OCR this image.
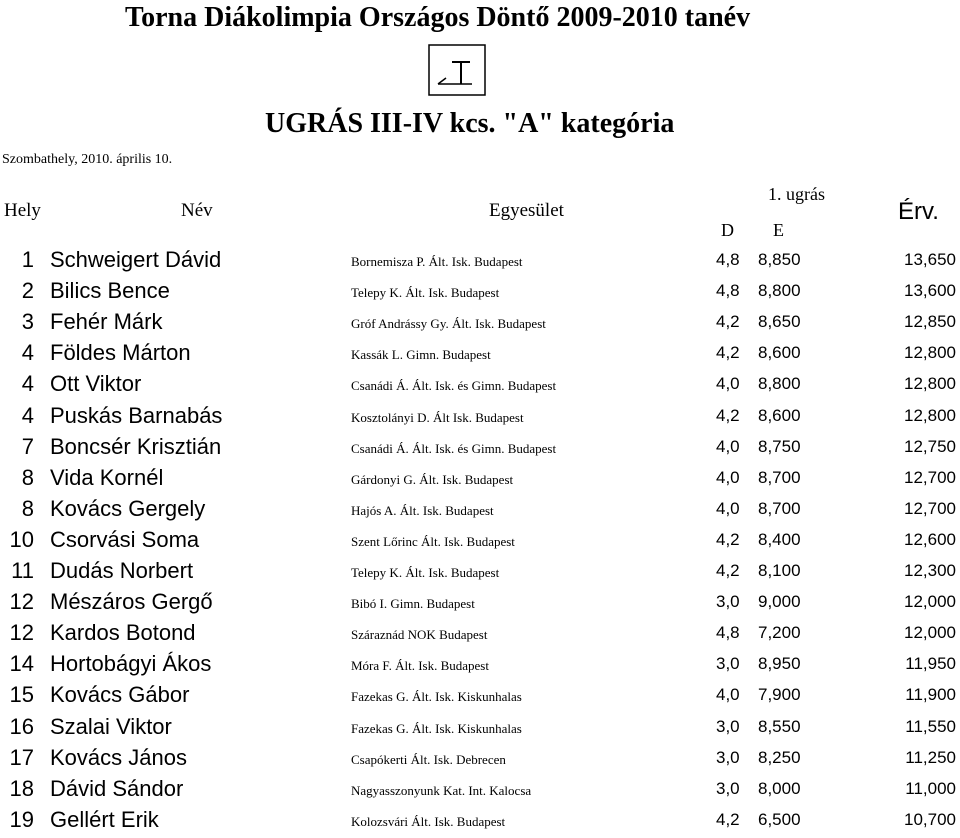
Torna Diákolimpia Országos Döntő 2009-2010 tanév
UGRÁS III-IV kcs. "A" kategória
Szombathely, 2010. április 10.
Hely	Név	Egyesület
1. ugrás
Érv.
D E
1 Schweigert Dávid	Bornemisza P. Ált. Isk. Budapest	4,8 8,850	13,650
2 Bilics Bence	Telepy K. Ált. Isk. Budapest	4,8 8,800	13,600
3 Fehér Márk	Gróf Andrássy Gy. Ált. Isk. Budapest	4,2 8,650	12,850
4 Földes Márton	Kassák L. Gimn. Budapest	4,2 8,600	12,800
4 Ott Viktor	Csanádi Á. Ált. Isk. és Gimn. Budapest	4,0 8,800	12,800
4 Puskás Barnabás	Kosztolányi D. Ált Isk. Budapest	4,2 8,600	12,800
7 Boncsér Krisztián	Csanádi Á. Ált. Isk. és Gimn. Budapest	4,0 8,750	12,750
8 Vida Kornél	Gárdonyi G. Ált. Isk. Budapest	4,0 8,700	12,700
8 Kovács Gergely	Hajós A. Ált. Isk. Budapest	4,0 8,700	12,700
10 Csorvási Soma	Szent Lőrinc Ált. Isk. Budapest	4,2 8,400	12,600
11 Dudás Norbert	Telepy K. Ált. Isk. Budapest	4,2 8,100	12,300
12 Mészáros Gergő	Bibó I. Gimn. Budapest	3,0 9,000	12,000
12 Kardos Botond	Száraznád NOK Budapest	4,8 7,200	12,000
14 Hortobágyi Ákos	Móra F. Ált. Isk. Budapest	3,0 8,950	11,950
15 Kovács Gábor	Fazekas G. Ált. Isk. Kiskunhalas	4,0 7,900	11,900
16 Szalai Viktor	Fazekas G. Ált. Isk. Kiskunhalas	3,0 8,550	11,550
17 Kovács János	Csapókerti Ált. Isk. Debrecen	3,0 8,250	11,250
18 Dávid Sándor	Nagyasszonyunk Kat. Int. Kalocsa	3,0 8,000	11,000
19 Gellért Erik	Kolozsvári Ált. Isk. Budapest	4,2 6,500	10,700
